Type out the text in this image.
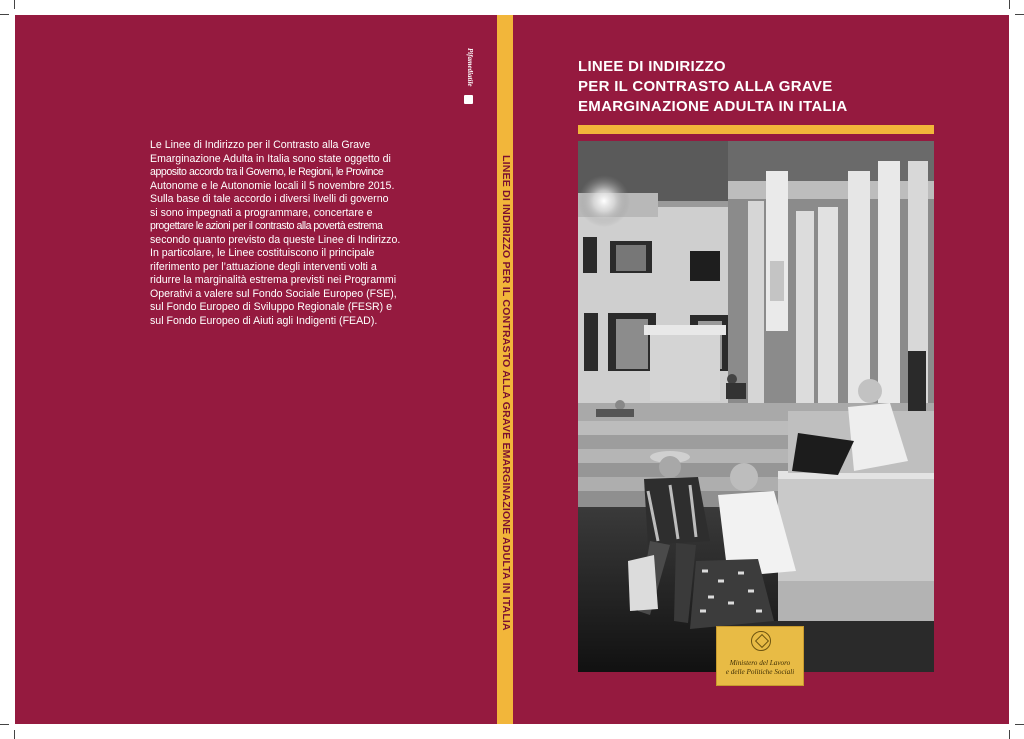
Pifamediatile
LINEE DI INDIRIZZO PER IL CONTRASTO ALLA GRAVE EMARGINAZIONE ADULTA IN ITALIA
Le Linee di Indirizzo per il Contrasto alla Grave
Emarginazione Adulta in Italia sono state oggetto di
apposito accordo tra il Governo, le Regioni, le Province
Autonome e le Autonomie locali il 5 novembre 2015.
Sulla base di tale accordo i diversi livelli di governo
si sono impegnati a programmare, concertare e
progettare le azioni per il contrasto alla povertà estrema
secondo quanto previsto da queste Linee di Indirizzo.
In particolare, le Linee costituiscono il principale
riferimento per l’attuazione degli interventi volti a
ridurre la marginalità estrema previsti nei Programmi
Operativi a valere sul Fondo Sociale Europeo (FSE),
sul Fondo Europeo di Sviluppo Regionale (FESR) e
sul Fondo Europeo di Aiuti agli Indigenti (FEAD).
LINEE DI INDIRIZZO
PER IL CONTRASTO ALLA GRAVE
EMARGINAZIONE ADULTA IN ITALIA
Ministero del Lavoro
e delle Politiche Sociali
